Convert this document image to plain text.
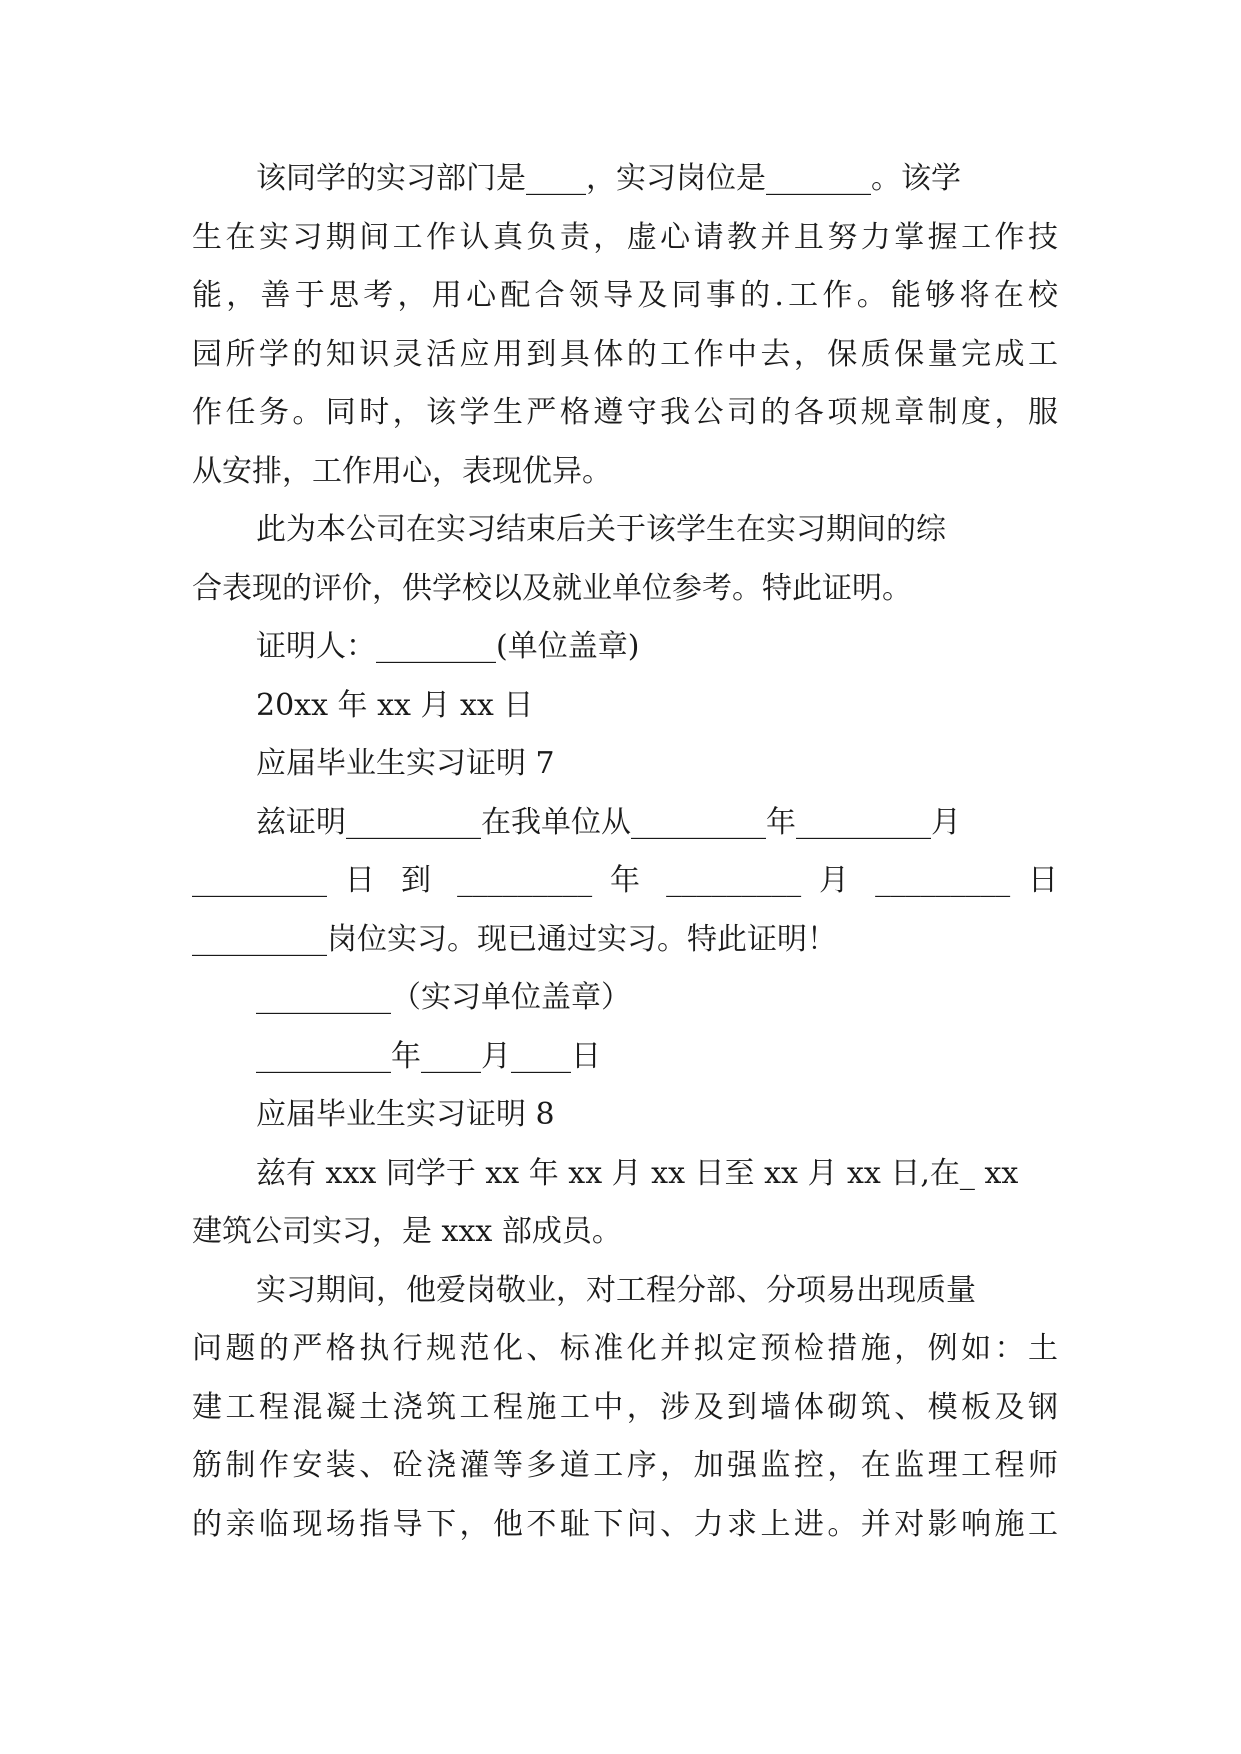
该同学的实习部门是____，实习岗位是_______。该学
生在实习期间工作认真负责，虚心请教并且努力掌握工作技
能，善于思考，用心配合领导及同事的.工作。能够将在校
园所学的知识灵活应用到具体的工作中去，保质保量完成工
作任务。同时，该学生严格遵守我公司的各项规章制度，服
从安排，工作用心，表现优异。
此为本公司在实习结束后关于该学生在实习期间的综
合表现的评价，供学校以及就业单位参考。特此证明。
证明人：________(单位盖章)
20xx 年 xx 月 xx 日
应届毕业生实习证明 7
兹证明_________在我单位从_________年_________月
_________ 日 到 _________ 年 _________ 月 _________ 日
_________岗位实习。现已通过实习。特此证明！
_________（实习单位盖章）
_________年____月____日
应届毕业生实习证明 8
兹有 xxx 同学于 xx 年 xx 月 xx 日至 xx 月 xx 日,在_ xx
建筑公司实习，是 xxx 部成员。
实习期间，他爱岗敬业，对工程分部、分项易出现质量
问题的严格执行规范化、标准化并拟定预检措施，例如：土
建工程混凝土浇筑工程施工中，涉及到墙体砌筑、模板及钢
筋制作安装、砼浇灌等多道工序，加强监控，在监理工程师
的亲临现场指导下，他不耻下问、力求上进。并对影响施工
